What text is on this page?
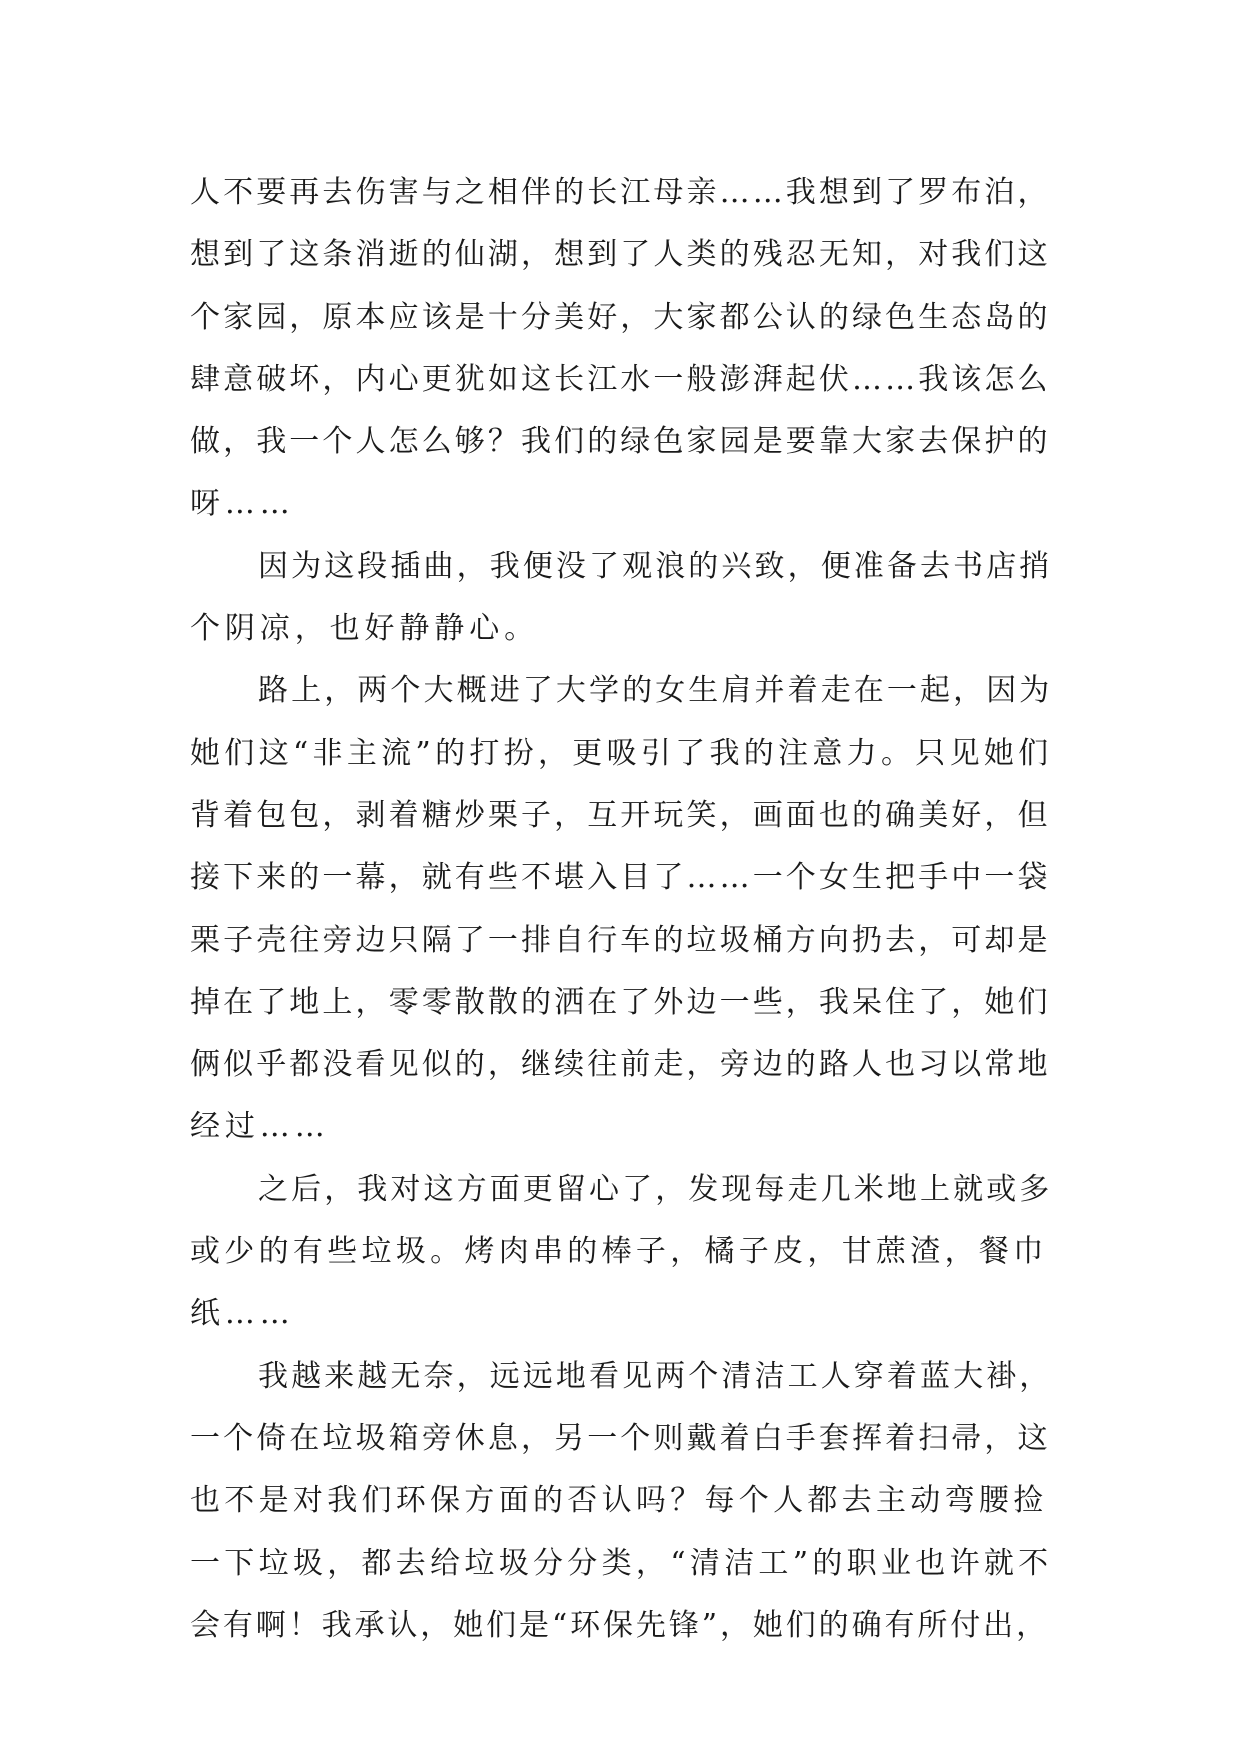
人不要再去伤害与之相伴的长江母亲……我想到了罗布泊，
想到了这条消逝的仙湖，想到了人类的残忍无知，对我们这
个家园，原本应该是十分美好，大家都公认的绿色生态岛的
肆意破坏，内心更犹如这长江水一般澎湃起伏……我该怎么
做，我一个人怎么够？我们的绿色家园是要靠大家去保护的
呀……
因为这段插曲，我便没了观浪的兴致，便准备去书店捎
个阴凉，也好静静心。
路上，两个大概进了大学的女生肩并着走在一起，因为
她们这“非主流”的打扮，更吸引了我的注意力。只见她们
背着包包，剥着糖炒栗子，互开玩笑，画面也的确美好，但
接下来的一幕，就有些不堪入目了……一个女生把手中一袋
栗子壳往旁边只隔了一排自行车的垃圾桶方向扔去，可却是
掉在了地上，零零散散的洒在了外边一些，我呆住了，她们
俩似乎都没看见似的，继续往前走，旁边的路人也习以常地
经过……
之后，我对这方面更留心了，发现每走几米地上就或多
或少的有些垃圾。烤肉串的棒子，橘子皮，甘蔗渣，餐巾
纸……
我越来越无奈，远远地看见两个清洁工人穿着蓝大褂，
一个倚在垃圾箱旁休息，另一个则戴着白手套挥着扫帚，这
也不是对我们环保方面的否认吗？每个人都去主动弯腰捡
一下垃圾，都去给垃圾分分类，“清洁工”的职业也许就不
会有啊！我承认，她们是“环保先锋”，她们的确有所付出，
